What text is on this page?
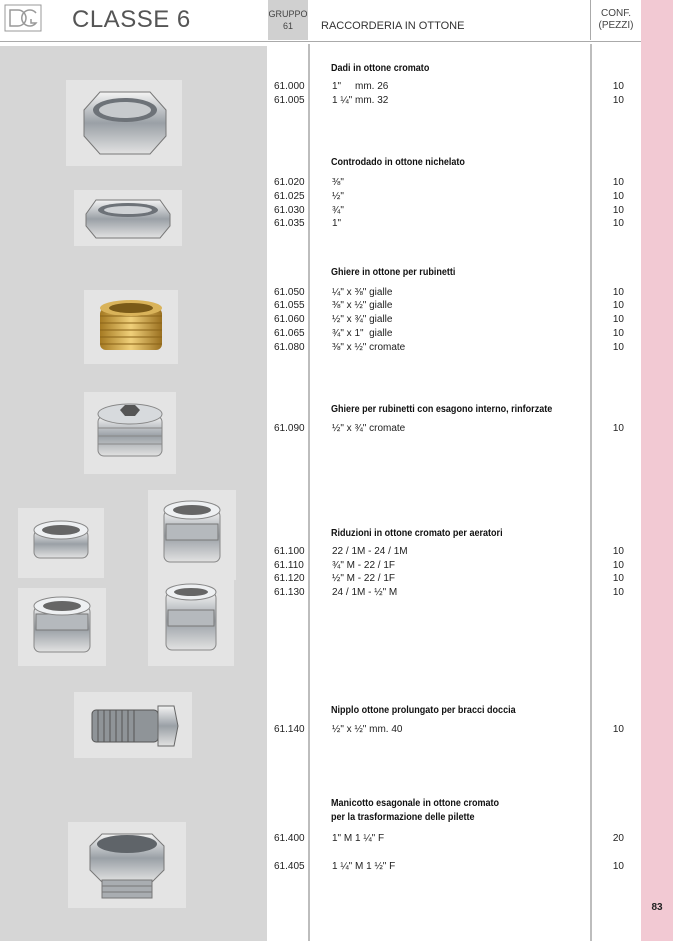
CLASSE 6	GRUPPO
61	RACCORDERIA IN OTTONE
CONF.
(PEZZI)
83
Dadi in ottone cromato
61.000	1"     mm. 26	10
61.005	1 ¼" mm. 32	10
Controdado in ottone nichelato
61.020	⅜"	10
61.025	½"	10
61.030	¾"	10
61.035	1"	10
Ghiere in ottone per rubinetti
61.050	¼" x ⅜" gialle	10
61.055	⅜" x ½" gialle	10
61.060	½" x ¾" gialle	10
61.065	¾" x 1"  gialle	10
61.080	⅜" x ½" cromate	10
Ghiere per rubinetti con esagono interno, rinforzate
61.090	½" x ¾" cromate	10
Riduzioni in ottone cromato per aeratori
61.100	22 / 1M - 24 / 1M	10
61.110	¾" M - 22 / 1F	10
61.120	½" M - 22 / 1F	10
61.130	24 / 1M - ½" M	10
Nipplo ottone prolungato per bracci doccia
61.140	½" x ½" mm. 40	10
Manicotto esagonale in ottone cromato
per la trasformazione delle pilette
61.400	1" M 1 ¼" F	20
61.405	1 ¼" M 1 ½" F	10
